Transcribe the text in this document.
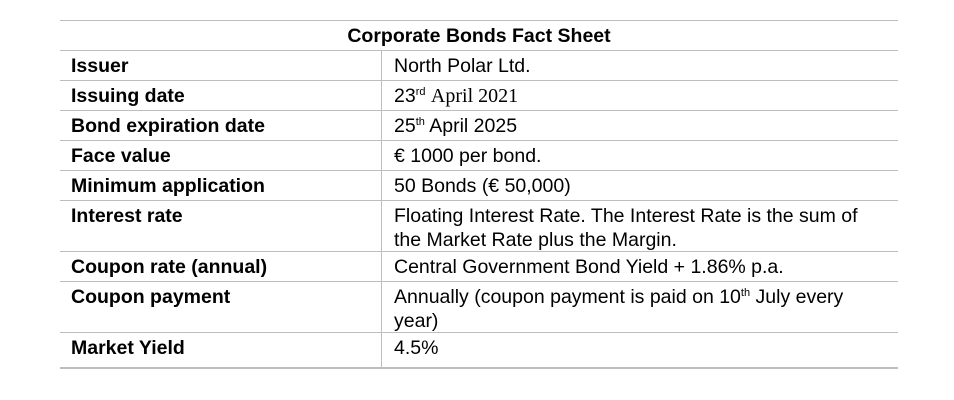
Corporate Bonds Fact Sheet
Issuer	North Polar Ltd.
Issuing date	23rd April 2021
Bond expiration date	25th April 2025
Face value	€ 1000 per bond.
Minimum application	50 Bonds (€ 50,000)
Interest rate	Floating Interest Rate. The Interest Rate is the sum of the Market Rate plus the Margin.
Coupon rate (annual)	Central Government Bond Yield + 1.86% p.a.
Coupon payment	Annually (coupon payment is paid on 10th July every year)
Market Yield	4.5%
